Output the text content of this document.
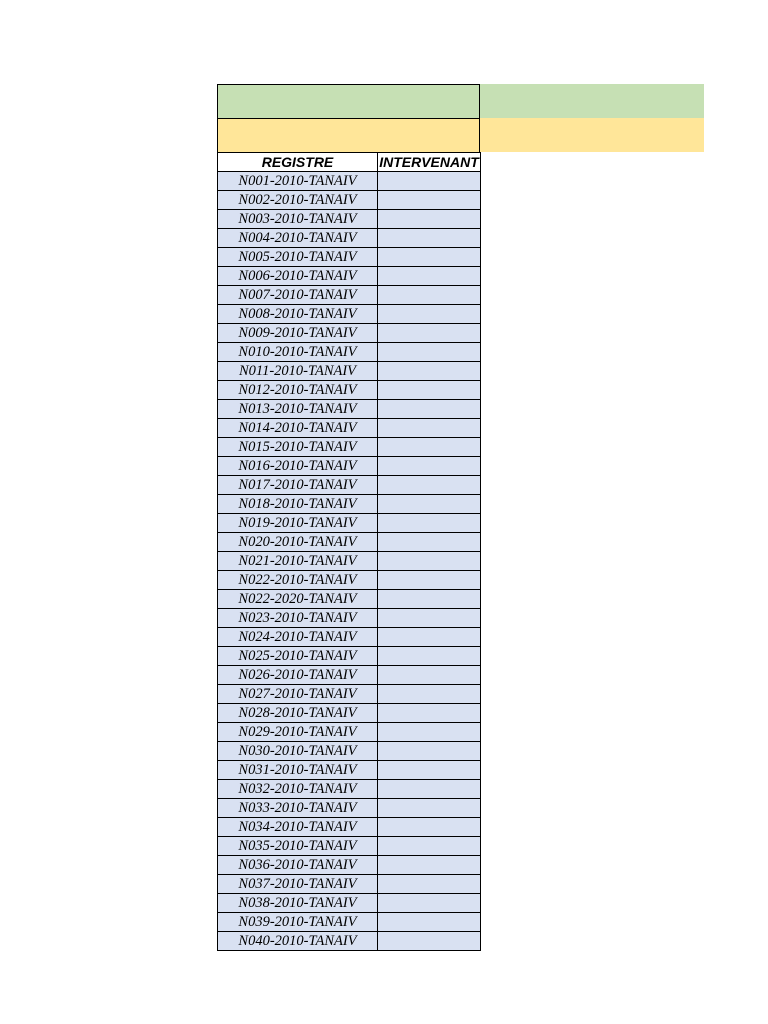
REGISTRE	INTERVENANT
N001-2010-TANAIV	
N002-2010-TANAIV	
N003-2010-TANAIV	
N004-2010-TANAIV	
N005-2010-TANAIV	
N006-2010-TANAIV	
N007-2010-TANAIV	
N008-2010-TANAIV	
N009-2010-TANAIV	
N010-2010-TANAIV	
N011-2010-TANAIV	
N012-2010-TANAIV	
N013-2010-TANAIV	
N014-2010-TANAIV	
N015-2010-TANAIV	
N016-2010-TANAIV	
N017-2010-TANAIV	
N018-2010-TANAIV	
N019-2010-TANAIV	
N020-2010-TANAIV	
N021-2010-TANAIV	
N022-2010-TANAIV	
N022-2020-TANAIV	
N023-2010-TANAIV	
N024-2010-TANAIV	
N025-2010-TANAIV	
N026-2010-TANAIV	
N027-2010-TANAIV	
N028-2010-TANAIV	
N029-2010-TANAIV	
N030-2010-TANAIV	
N031-2010-TANAIV	
N032-2010-TANAIV	
N033-2010-TANAIV	
N034-2010-TANAIV	
N035-2010-TANAIV	
N036-2010-TANAIV	
N037-2010-TANAIV	
N038-2010-TANAIV	
N039-2010-TANAIV	
N040-2010-TANAIV	
